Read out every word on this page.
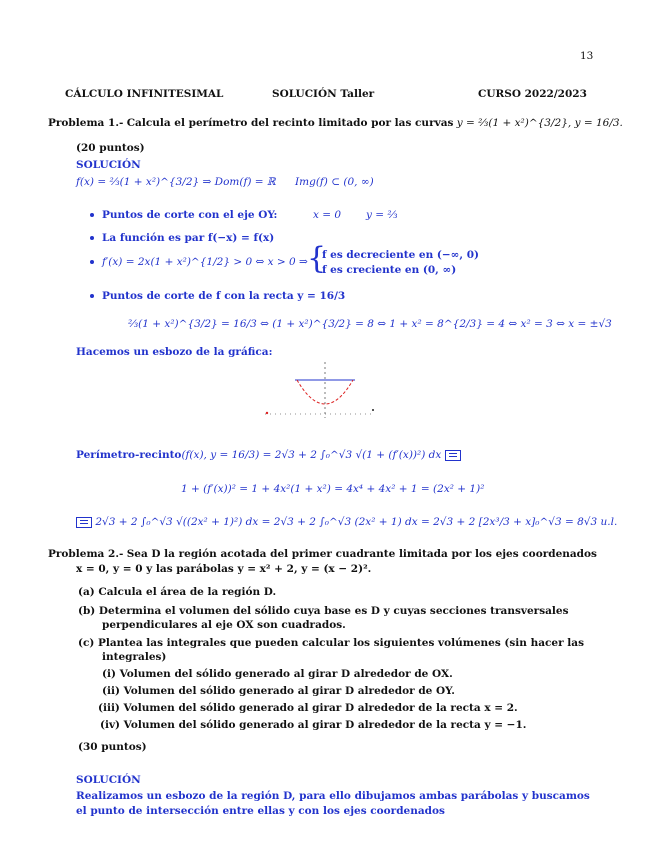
13
CÁLCULO INFINITESIMAL	SOLUCIÓN Taller	CURSO 2022/2023
Problema 1.- Calcula el perímetro del recinto limitado por las curvas y = ⅔(1 + x²)^{3/2}, y = 16/3.
(20 puntos)
SOLUCIÓN
f(x) = ⅔(1 + x²)^{3/2} ⇒ Dom(f) = ℝ Img(f) ⊂ (0, ∞)
Puntos de corte con el eje OY:	x = 0 y = ⅔
La función es par f(−x) = f(x)
f′(x) = 2x(1 + x²)^{1/2} > 0 ⇔ x > 0 ⇒ {
f es decreciente en (−∞, 0)
f es creciente en (0, ∞)
Puntos de corte de f con la recta y = 16/3
⅔(1 + x²)^{3/2} = 16/3 ⇔ (1 + x²)^{3/2} = 8 ⇔ 1 + x² = 8^{2/3} = 4 ⇔ x² = 3 ⇔ x = ±√3
Hacemos un esbozo de la gráfica:
Perímetro-recinto(f(x), y = 16/3) = 2√3 + 2 ∫₀^√3 √(1 + (f′(x))²) dx
1 + (f′(x))² = 1 + 4x²(1 + x²) = 4x⁴ + 4x² + 1 = (2x² + 1)²
2√3 + 2 ∫₀^√3 √((2x² + 1)²) dx = 2√3 + 2 ∫₀^√3 (2x² + 1) dx = 2√3 + 2 [2x³/3 + x]₀^√3 = 8√3 u.l.
Problema 2.- Sea D la región acotada del primer cuadrante limitada por los ejes coordenados
x = 0, y = 0 y las parábolas y = x² + 2, y = (x − 2)².
(a) Calcula el área de la región D.
(b) Determina el volumen del sólido cuya base es D y cuyas secciones transversales
perpendiculares al eje OX son cuadrados.
(c) Plantea las integrales que pueden calcular los siguientes volúmenes (sin hacer las
integrales)
(i) Volumen del sólido generado al girar D alrededor de OX.
(ii) Volumen del sólido generado al girar D alrededor de OY.
(iii) Volumen del sólido generado al girar D alrededor de la recta x = 2.
(iv) Volumen del sólido generado al girar D alrededor de la recta y = −1.
(30 puntos)
SOLUCIÓN
Realizamos un esbozo de la región D, para ello dibujamos ambas parábolas y buscamos
el punto de intersección entre ellas y con los ejes coordenados
